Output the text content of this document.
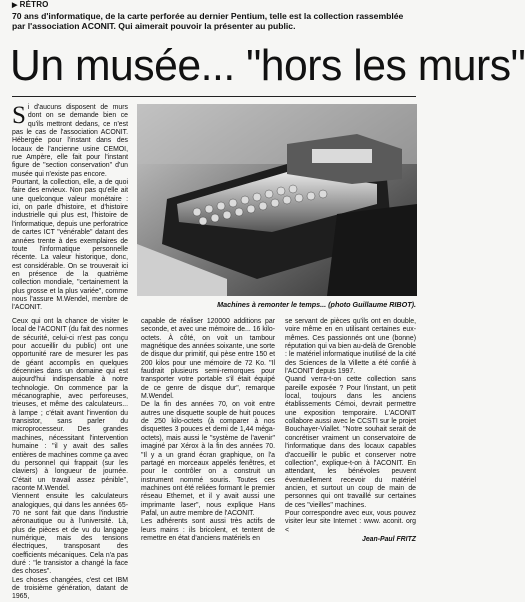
▶ RÉTRO
70 ans d'informatique, de la carte perforée au dernier Pentium, telle est la collection rassemblée par l'association ACONIT. Qui aimerait pouvoir la présenter au public.
Un musée... "hors les murs"

Si d'aucuns disposent de murs dont on se demande bien ce qu'ils mettront dedans, ce n'est pas le cas de l'association ACONIT. Hébergée pour l'instant dans des locaux de l'ancienne usine CEMOI, rue Ampère, elle fait pour l'instant figure de "section conservation" d'un musée qui n'existe pas encore.

Pourtant, la collection, elle, a de quoi faire des envieux. Non pas qu'elle ait une quelconque valeur monétaire : ici, on parle d'histoire, et d'histoire industrielle qui plus est, l'histoire de l'informatique, depuis une perforatrice de cartes ICT "vénérable" datant des années trente à des exemplaires de toute l'informatique personnelle récente. La valeur historique, donc, est considérable. On se trouverait ici en présence de la quatrième collection mondiale, "certainement la plus grosse et la plus variée", comme nous l'assure M.Wendel, membre de l'ACONIT.	Machines à remonter le temps... (photo Guillaume RIBOT).

Ceux qui ont la chance de visiter le local de l'ACONIT (du fait des normes de sécurité, celui-ci n'est pas conçu pour accueillir du public) ont une opportunité rare de mesurer les pas de géant accomplis en quelques décennies dans un domaine qui est aujourd'hui indispensable à notre technologie. On commence par la mécanographie, avec perforeuses, trieuses, et même des calculateurs... à lampe ; c'était avant l'invention du transistor, sans parler du microprocesseur. Des grandes machines, nécessitant l'intervention humaine : "il y avait des salles entières de machines comme ça avec du personnel qui frappait (sur les claviers) à longueur de journée. C'était un travail assez pénible", raconte M.Wendel.

Viennent ensuite les calculateurs analogiques, qui dans les années 65-70 ne sont fait que dans l'industrie aéronautique ou à l'université. Là, plus de pièces et de vu du langage numérique, mais des tensions électriques, transposant des coefficients mécaniques. Cela n'a pas duré : "le transistor a changé la face des choses".

Les choses changées, c'est cet IBM de troisième génération, datant de 1965,

capable de réaliser 120000 additions par seconde, et avec une mémoire de... 16 kilo-octets. À côté, on voit un tambour magnétique des années soixante, une sorte de disque dur primitif, qui pèse entre 150 et 200 kilos pour une mémoire de 72 Ko. "Il faudrait plusieurs semi-remorques pour transporter votre portable s'il était équipé de ce genre de disque dur", remarque M.Wendel.

De la fin des années 70, on voit entre autres une disquette souple de huit pouces de 250 kilo-octets (à comparer à nos disquettes 3 pouces et demi de 1,44 méga-octets), mais aussi le "système de l'avenir" imaginé par Xérox à la fin des années 70. "Il y a un grand écran graphique, on l'a partagé en morceaux appelés fenêtres, et pour le contrôler on a construit un instrument nommé souris. Toutes ces machines ont été reliées formant le premier réseau Ethernet, et il y avait aussi une imprimante laser", nous explique Hans Pafal, un autre membre de l'ACONIT.

Les adhérents sont aussi très actifs de leurs mains : ils bricolent, et tentent de remettre en état d'anciens matériels en

se servant de pièces qu'ils ont en double, voire même en en utilisant certaines eux-mêmes. Ces passionnés ont une (bonne) réputation qui va bien au-delà de Grenoble : le matériel informatique inutilisé de la cité des Sciences de la Villette a été confié à l'ACONIT depuis 1997.

Quand verra-t-on cette collection sans pareille exposée ? Pour l'instant, un petit local, toujours dans les anciens établissements Cémoi, devrait permettre une exposition temporaire. L'ACONIT collabore aussi avec le CCSTI sur le projet Bouchayer-Viallet. "Notre souhait serait de concrétiser vraiment un conservatoire de l'informatique dans des locaux capables d'accueillir le public et conserver notre collection", explique-t-on à l'ACONIT. En attendant, les bénévoles peuvent éventuellement recevoir du matériel ancien, et surtout un coup de main de personnes qui ont travaillé sur certaines de ces "vieilles" machines.

Pour correspondre avec eux, vous pouvez visiter leur site Internet : www. aconit. org <

Jean-Paul FRITZ
